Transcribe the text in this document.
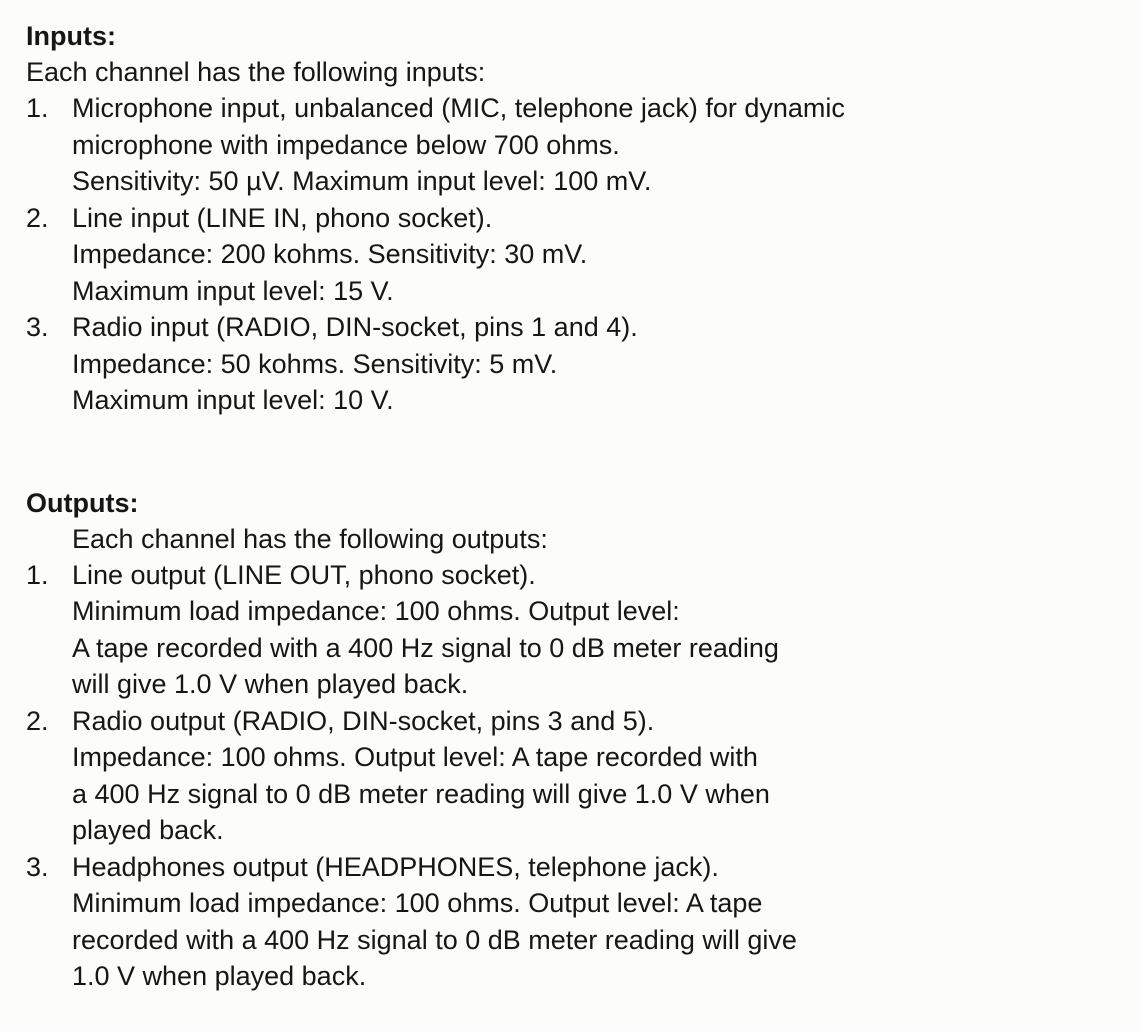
Inputs:

Each channel has the following inputs:

1. Microphone input, unbalanced (MIC, telephone jack) for dynamic
microphone with impedance below 700 ohms.
Sensitivity: 50 µV. Maximum input level: 100 mV.
2. Line input (LINE IN, phono socket).
Impedance: 200 kohms. Sensitivity: 30 mV.
Maximum input level: 15 V.
3. Radio input (RADIO, DIN-socket, pins 1 and 4).
Impedance: 50 kohms. Sensitivity: 5 mV.
Maximum input level: 10 V.
Outputs:

Each channel has the following outputs:

1. Line output (LINE OUT, phono socket).
Minimum load impedance: 100 ohms. Output level:
A tape recorded with a 400 Hz signal to 0 dB meter reading
will give 1.0 V when played back.
2. Radio output (RADIO, DIN-socket, pins 3 and 5).
Impedance: 100 ohms. Output level: A tape recorded with
a 400 Hz signal to 0 dB meter reading will give 1.0 V when
played back.
3. Headphones output (HEADPHONES, telephone jack).
Minimum load impedance: 100 ohms. Output level: A tape
recorded with a 400 Hz signal to 0 dB meter reading will give
1.0 V when played back.
